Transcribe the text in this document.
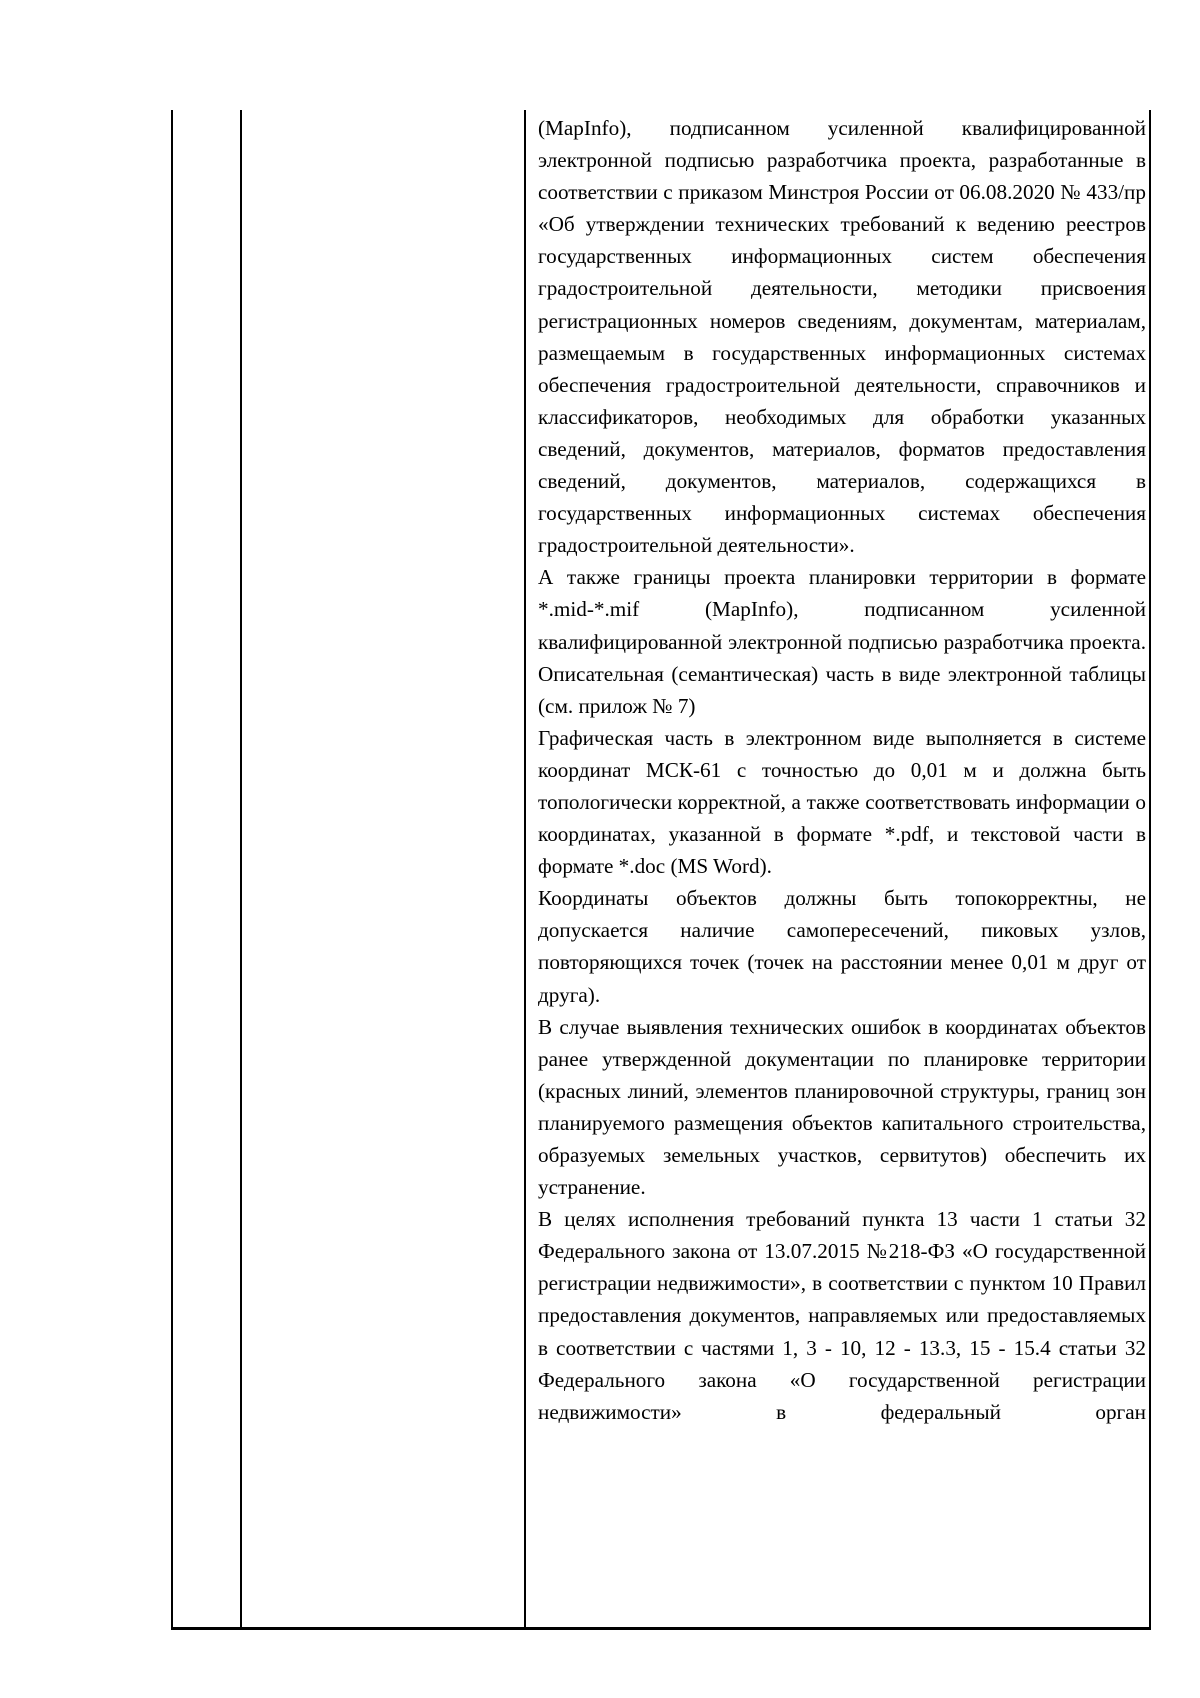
(MapInfo), подписанном усиленной квалифицированной электронной подписью разработчика проекта, разработанные в соответствии с приказом Минстроя России от 06.08.2020 № 433/пр «Об утверждении технических требований к ведению реестров государственных информационных систем обеспечения градостроительной деятельности, методики присвоения регистрационных номеров сведениям, документам, материалам, размещаемым в государственных информационных системах обеспечения градостроительной деятельности, справочников и классификаторов, необходимых для обработки указанных сведений, документов, материалов, форматов предоставления сведений, документов, материалов, содержащихся в государственных информационных системах обеспечения градостроительной деятельности».

А также границы проекта планировки территории в формате *.mid-*.mif (MapInfo), подписанном усиленной квалифицированной электронной подписью разработчика проекта. Описательная (семантическая) часть в виде электронной таблицы (см. прилож № 7)

Графическая часть в электронном виде выполняется в системе координат МСК-61 с точностью до 0,01 м и должна быть топологически корректной, а также соответствовать информации о координатах, указанной в формате *.pdf, и текстовой части в формате *.doc (MS Word).

Координаты объектов должны быть топокорректны, не допускается наличие самопересечений, пиковых узлов, повторяющихся точек (точек на расстоянии менее 0,01 м друг от друга).

В случае выявления технических ошибок в координатах объектов ранее утвержденной документации по планировке территории (красных линий, элементов планировочной структуры, границ зон планируемого размещения объектов капитального строительства, образуемых земельных участков, сервитутов) обеспечить их устранение.

В целях исполнения требований пункта 13 части 1 статьи 32 Федерального закона от 13.07.2015 №218-ФЗ «О государственной регистрации недвижимости», в соответствии с пунктом 10 Правил предоставления документов, направляемых или предоставляемых в соответствии с частями 1, 3 - 10, 12 - 13.3, 15 - 15.4 статьи 32 Федерального закона «О государственной регистрации недвижимости» в федеральный орган
